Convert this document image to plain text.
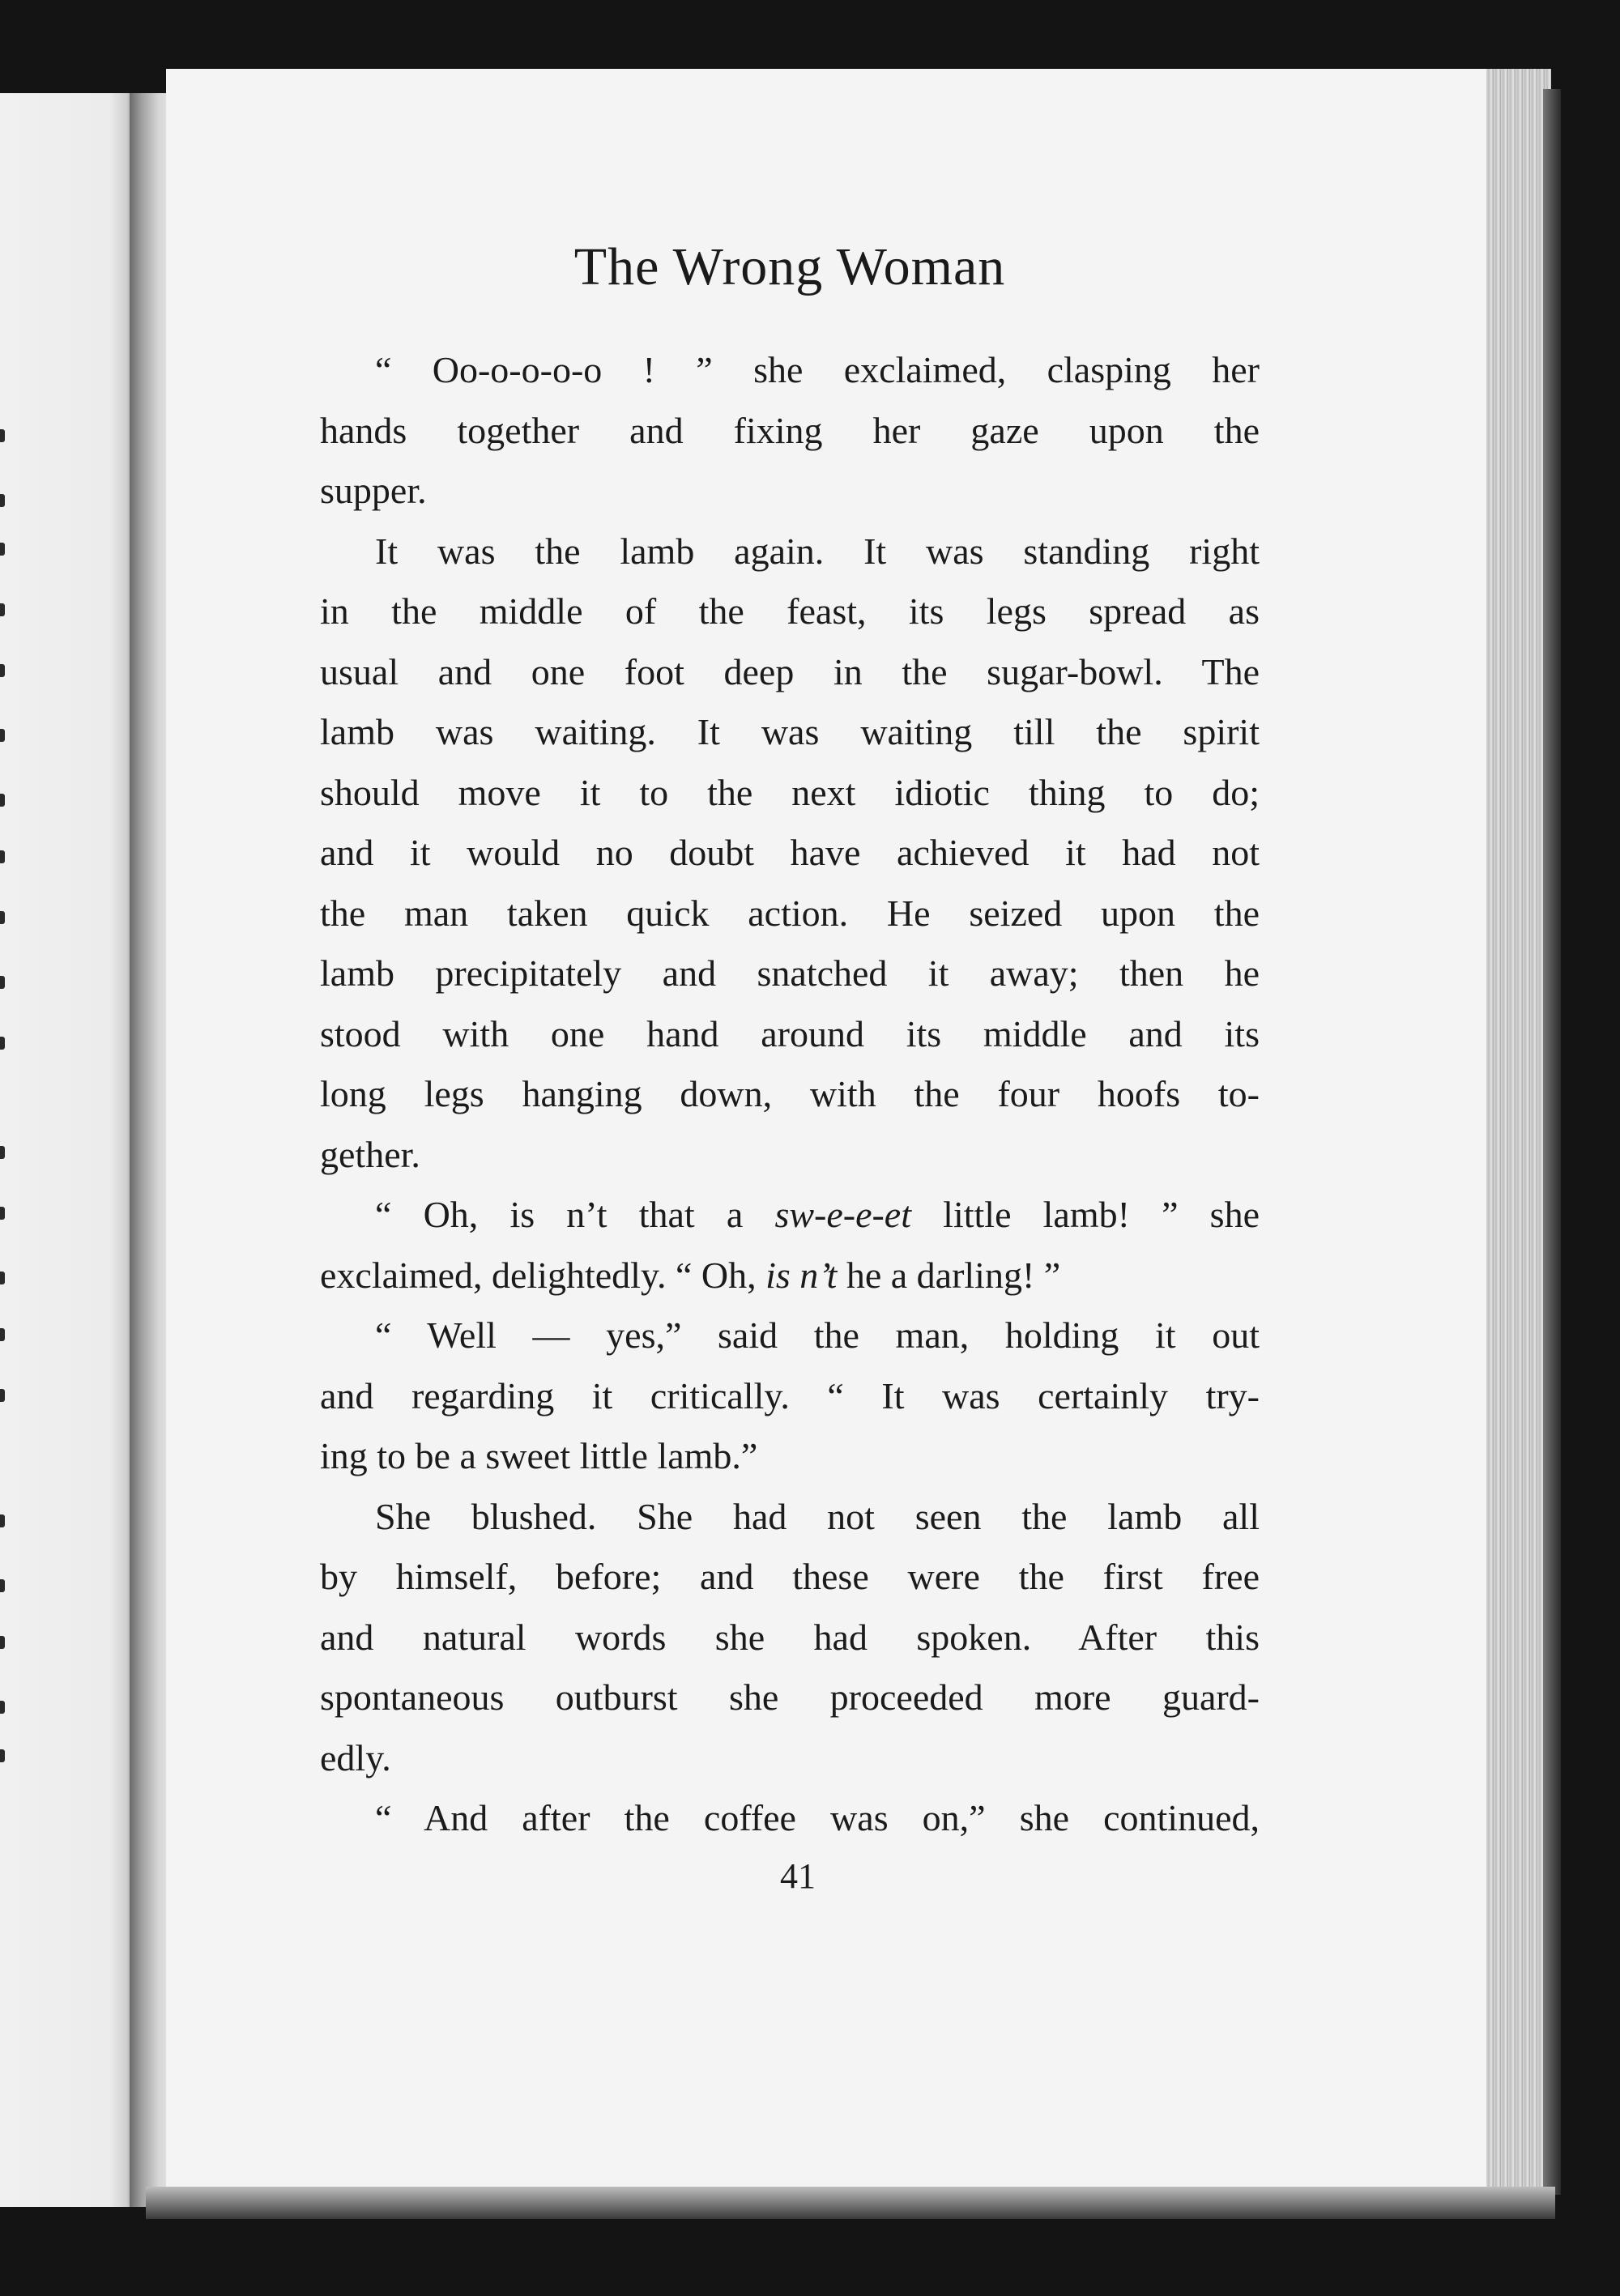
The Wrong Woman
“ Oo-o-o-o-o ! ” she exclaimed, clasping her
hands together and fixing her gaze upon the
supper.
It was the lamb again. It was standing right
in the middle of the feast, its legs spread as
usual and one foot deep in the sugar-bowl. The
lamb was waiting. It was waiting till the spirit
should move it to the next idiotic thing to do;
and it would no doubt have achieved it had not
the man taken quick action. He seized upon the
lamb precipitately and snatched it away; then he
stood with one hand around its middle and its
long legs hanging down, with the four hoofs to-
gether.
“ Oh, is n’t that a sw-e-e-et little lamb! ” she
exclaimed, delightedly. “ Oh, is n’t he a darling! ”
“ Well — yes,” said the man, holding it out
and regarding it critically. “ It was certainly try-
ing to be a sweet little lamb.”
She blushed. She had not seen the lamb all
by himself, before; and these were the first free
and natural words she had spoken. After this
spontaneous outburst she proceeded more guard-
edly.
“ And after the coffee was on,” she continued,
41
